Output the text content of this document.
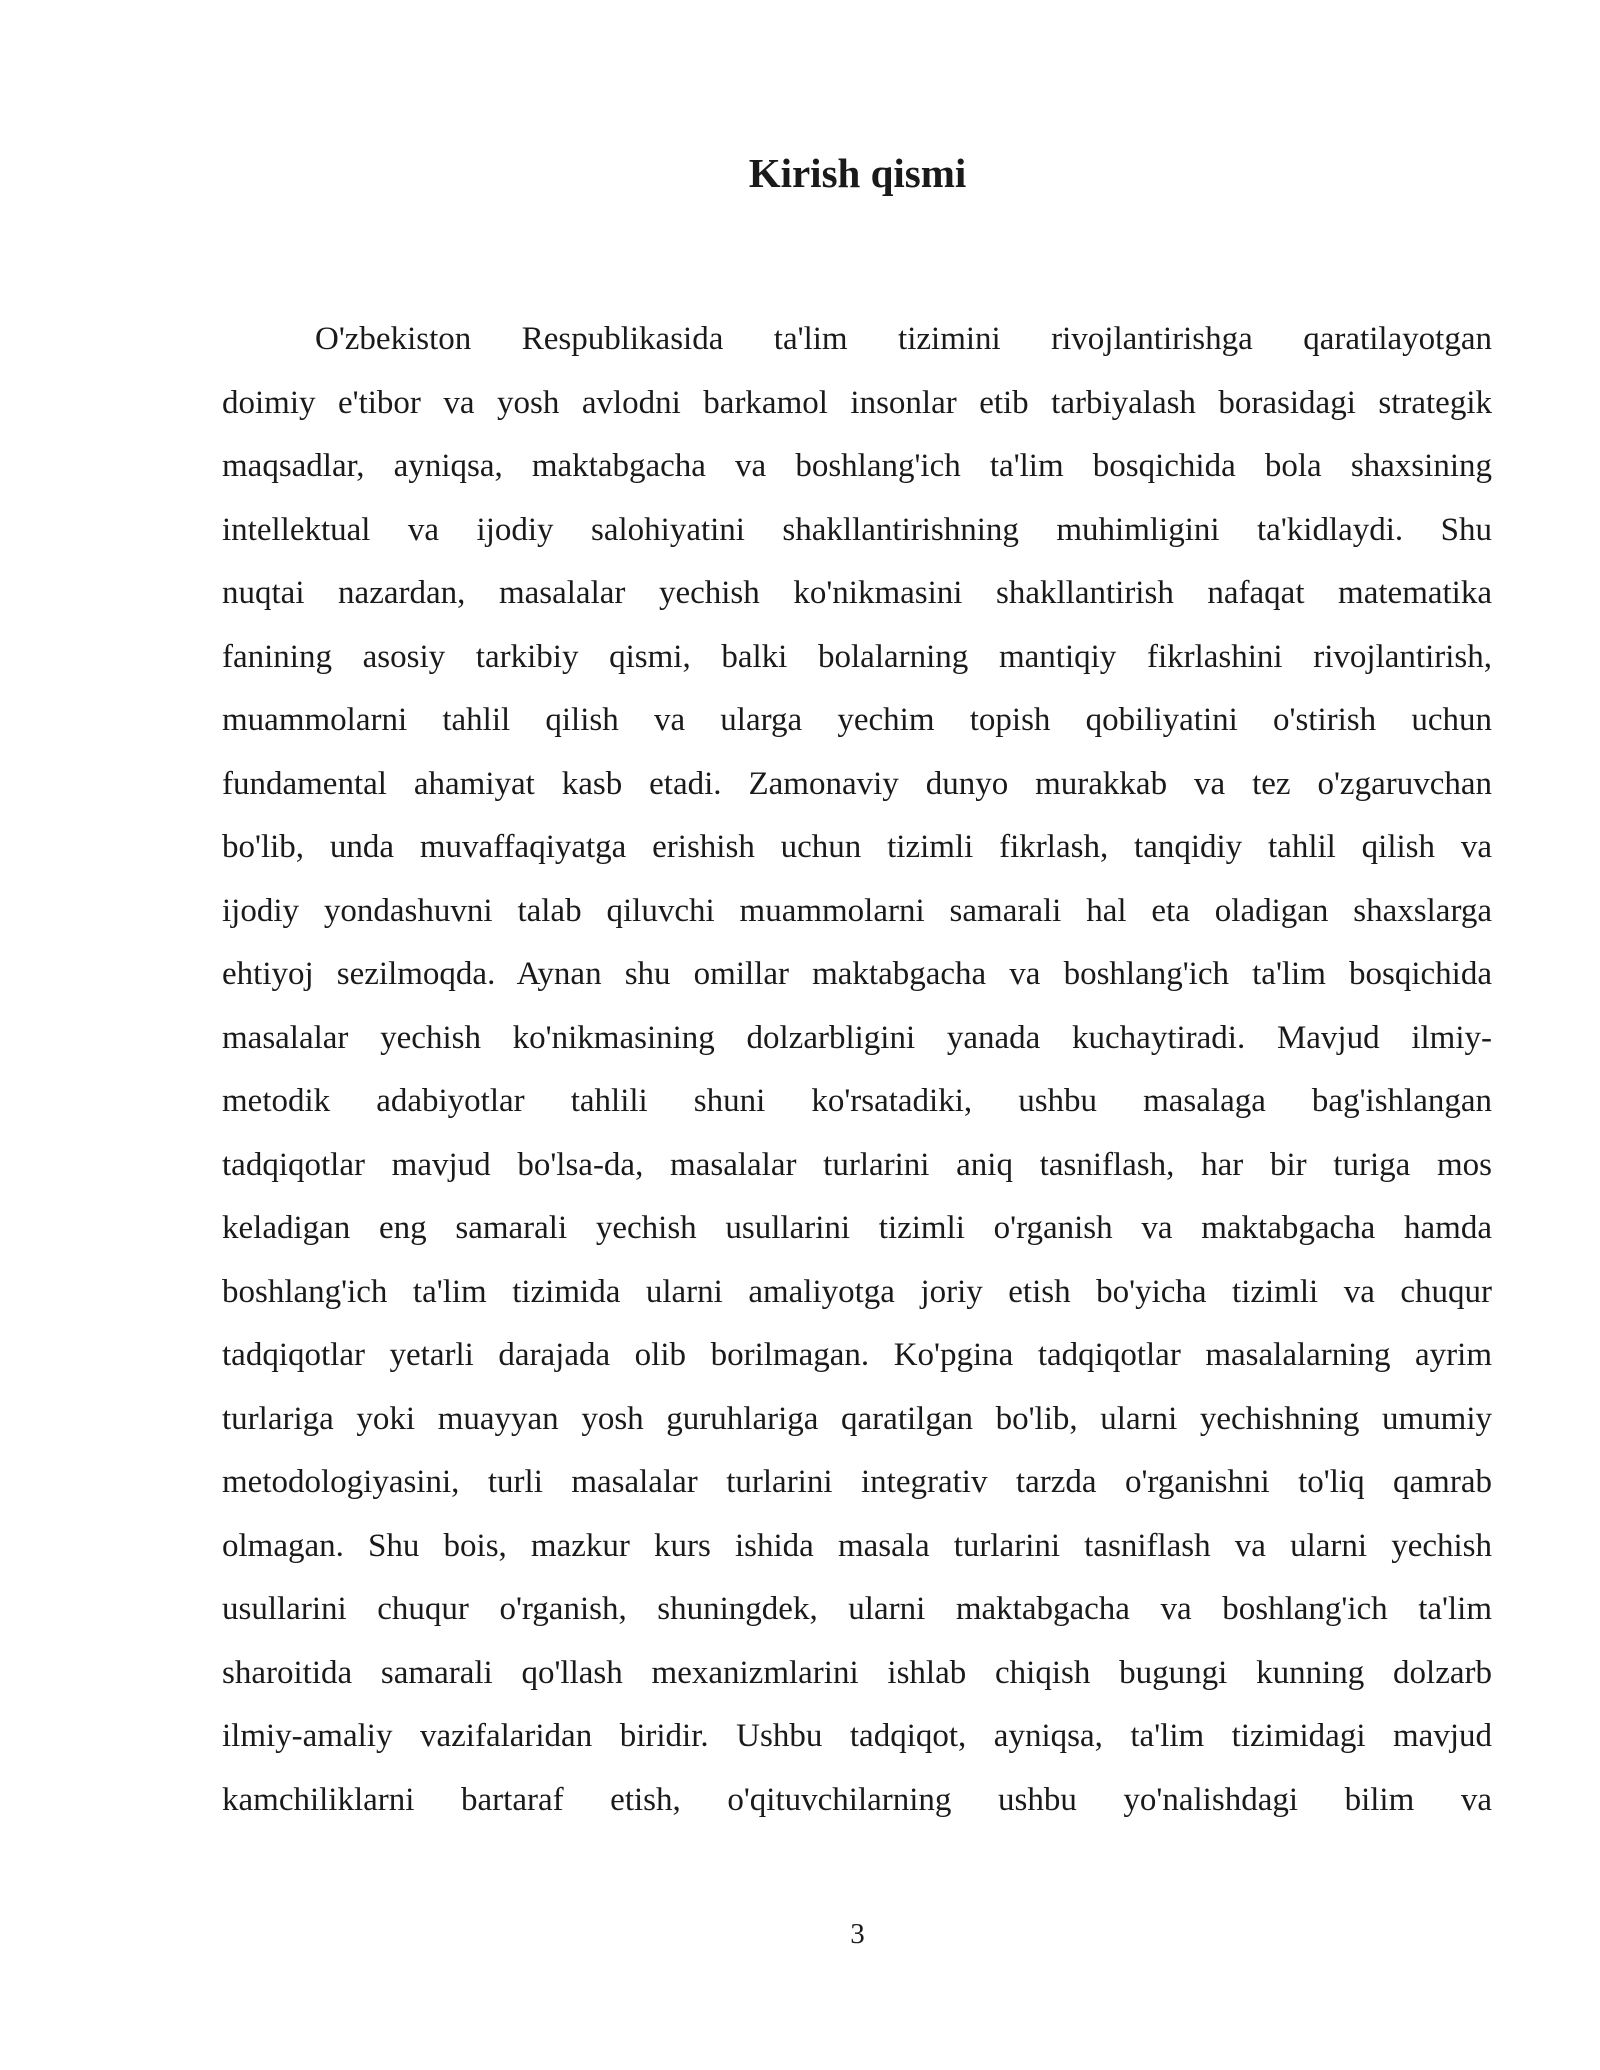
Kirish qismi
O'zbekiston Respublikasida ta'lim tizimini rivojlantirishga qaratilayotgan
doimiy e'tibor va yosh avlodni barkamol insonlar etib tarbiyalash borasidagi strategik
maqsadlar, ayniqsa, maktabgacha va boshlang'ich ta'lim bosqichida bola shaxsining
intellektual va ijodiy salohiyatini shakllantirishning muhimligini ta'kidlaydi. Shu
nuqtai nazardan, masalalar yechish ko'nikmasini shakllantirish nafaqat matematika
fanining asosiy tarkibiy qismi, balki bolalarning mantiqiy fikrlashini rivojlantirish,
muammolarni tahlil qilish va ularga yechim topish qobiliyatini o'stirish uchun
fundamental ahamiyat kasb etadi. Zamonaviy dunyo murakkab va tez o'zgaruvchan
bo'lib, unda muvaffaqiyatga erishish uchun tizimli fikrlash, tanqidiy tahlil qilish va
ijodiy yondashuvni talab qiluvchi muammolarni samarali hal eta oladigan shaxslarga
ehtiyoj sezilmoqda. Aynan shu omillar maktabgacha va boshlang'ich ta'lim bosqichida
masalalar yechish ko'nikmasining dolzarbligini yanada kuchaytiradi. Mavjud ilmiy-
metodik adabiyotlar tahlili shuni ko'rsatadiki, ushbu masalaga bag'ishlangan
tadqiqotlar mavjud bo'lsa-da, masalalar turlarini aniq tasniflash, har bir turiga mos
keladigan eng samarali yechish usullarini tizimli o'rganish va maktabgacha hamda
boshlang'ich ta'lim tizimida ularni amaliyotga joriy etish bo'yicha tizimli va chuqur
tadqiqotlar yetarli darajada olib borilmagan. Ko'pgina tadqiqotlar masalalarning ayrim
turlariga yoki muayyan yosh guruhlariga qaratilgan bo'lib, ularni yechishning umumiy
metodologiyasini, turli masalalar turlarini integrativ tarzda o'rganishni to'liq qamrab
olmagan. Shu bois, mazkur kurs ishida masala turlarini tasniflash va ularni yechish
usullarini chuqur o'rganish, shuningdek, ularni maktabgacha va boshlang'ich ta'lim
sharoitida samarali qo'llash mexanizmlarini ishlab chiqish bugungi kunning dolzarb
ilmiy-amaliy vazifalaridan biridir. Ushbu tadqiqot, ayniqsa, ta'lim tizimidagi mavjud
kamchiliklarni bartaraf etish, o'qituvchilarning ushbu yo'nalishdagi bilim va
3
